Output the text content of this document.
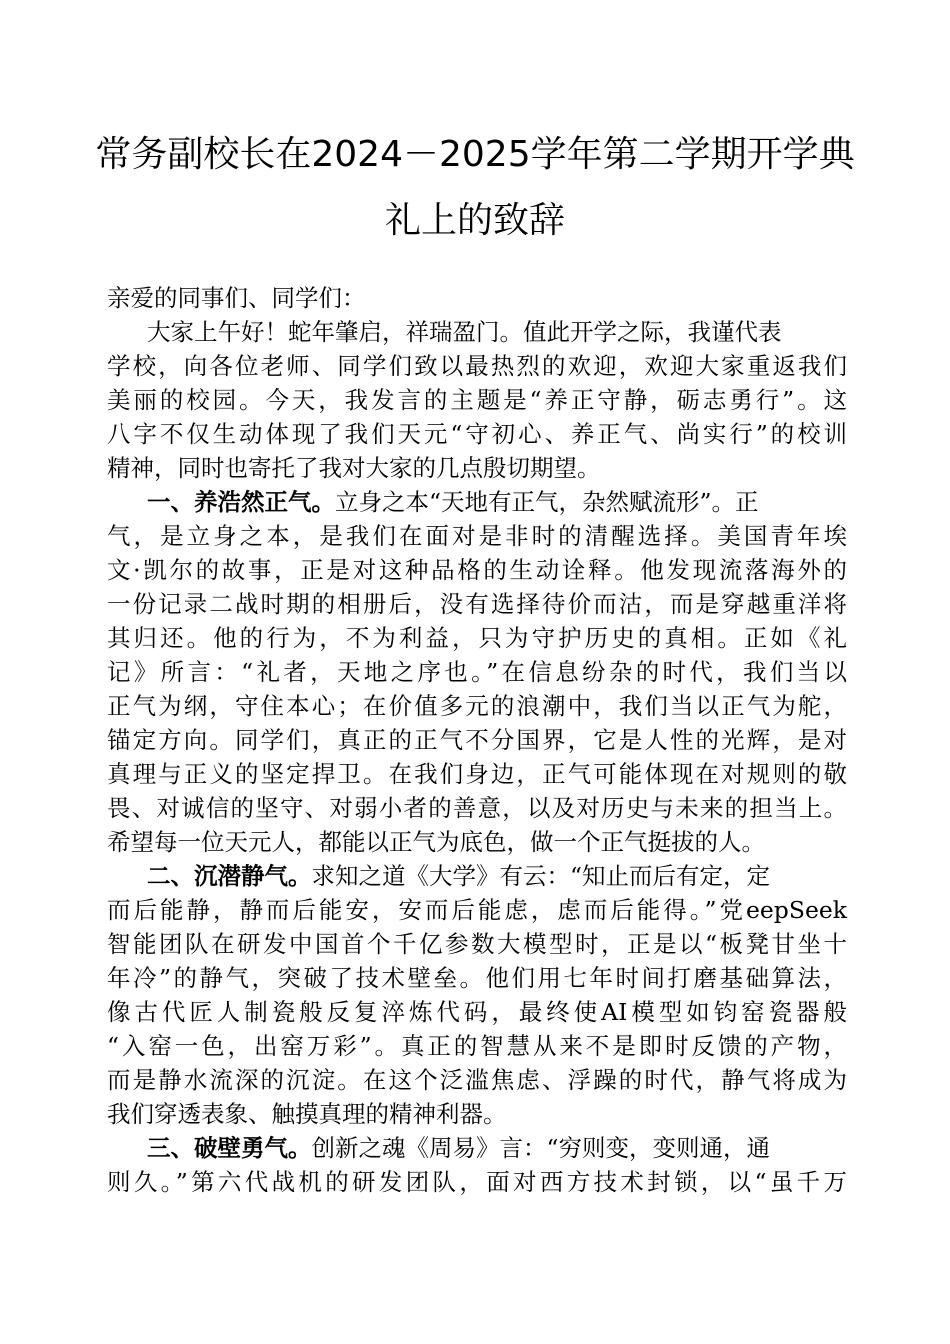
常务副校长在2024－2025学年第二学期开学典
礼上的致辞
亲爱的同事们、同学们：
大家上午好！蛇年肇启，祥瑞盈门。值此开学之际，我谨代表
学校，向各位老师、同学们致以最热烈的欢迎，欢迎大家重返我们
美丽的校园。今天，我发言的主题是“养正守静，砺志勇行”。这
八字不仅生动体现了我们天元“守初心、养正气、尚实行”的校训
精神，同时也寄托了我对大家的几点殷切期望。
一、养浩然正气。立身之本“天地有正气，杂然赋流形”。正
气，是立身之本，是我们在面对是非时的清醒选择。美国青年埃
文·凯尔的故事，正是对这种品格的生动诠释。他发现流落海外的
一份记录二战时期的相册后，没有选择待价而沽，而是穿越重洋将
其归还。他的行为，不为利益，只为守护历史的真相。正如《礼
记》所言：“礼者，天地之序也。”在信息纷杂的时代，我们当以
正气为纲，守住本心；在价值多元的浪潮中，我们当以正气为舵，
锚定方向。同学们，真正的正气不分国界，它是人性的光辉，是对
真理与正义的坚定捍卫。在我们身边，正气可能体现在对规则的敬
畏、对诚信的坚守、对弱小者的善意，以及对历史与未来的担当上。
希望每一位天元人，都能以正气为底色，做一个正气挺拔的人。
二、沉潜静气。求知之道《大学》有云：“知止而后有定，定
而后能静，静而后能安，安而后能虑，虑而后能得。”党eepSeek
智能团队在研发中国首个千亿参数大模型时，正是以“板凳甘坐十
年冷”的静气，突破了技术壁垒。他们用七年时间打磨基础算法，
像古代匠人制瓷般反复淬炼代码，最终使AI模型如钧窑瓷器般
“入窑一色，出窑万彩”。真正的智慧从来不是即时反馈的产物，
而是静水流深的沉淀。在这个泛滥焦虑、浮躁的时代，静气将成为
我们穿透表象、触摸真理的精神利器。
三、破壁勇气。创新之魂《周易》言：“穷则变，变则通，通
则久。”第六代战机的研发团队，面对西方技术封锁，以“虽千万
